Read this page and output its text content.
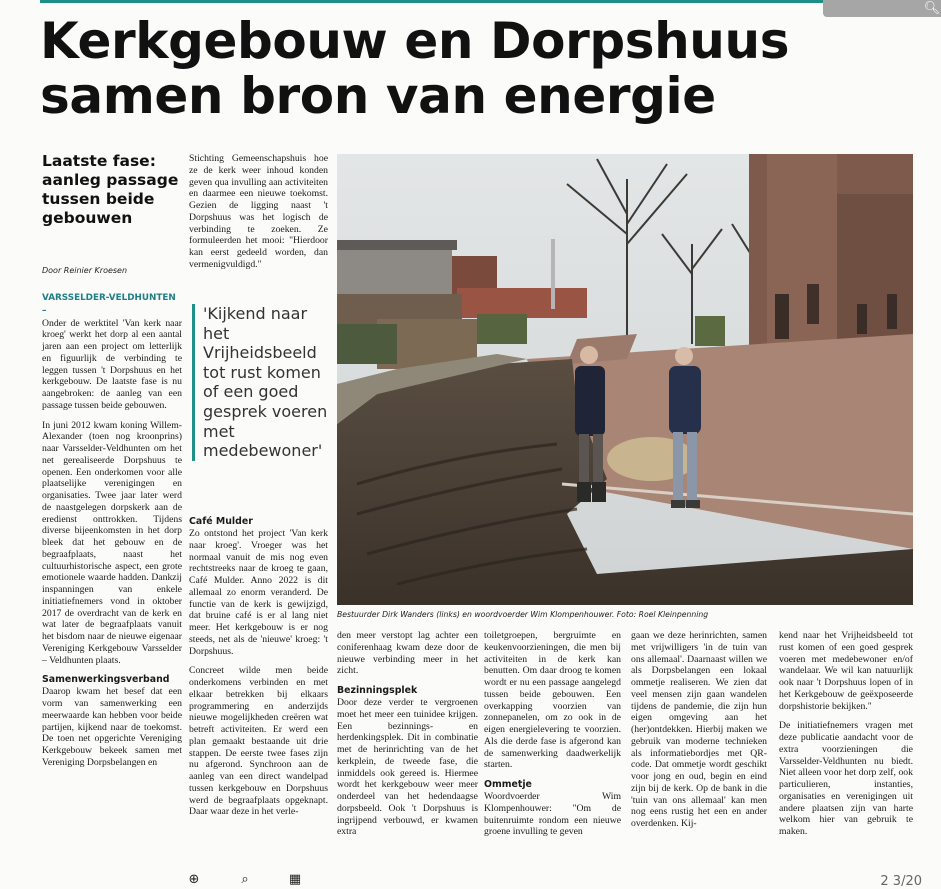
🔍︎
Kerkgebouw en Dorpshuus
samen bron van energie
Laatste fase: aanleg passage tussen beide gebouwen
Door Reinier Kroesen

VARSSELDER-VELDHUNTEN –
Onder de werktitel 'Van kerk naar kroeg' werkt het dorp al een aantal jaren aan een project om letterlijk en figuurlijk de verbinding te leggen tussen 't Dorpshuus en het kerkgebouw. De laatste fase is nu aangebroken: de aanleg van een passage tussen beide gebouwen.

In juni 2012 kwam koning Willem-Alexander (toen nog kroonprins) naar Varsselder-Veldhunten om het net gerealiseerde Dorpshuus te openen. Een onderkomen voor alle plaatselijke verenigingen en organisaties. Twee jaar later werd de naastgelegen dorpskerk aan de eredienst onttrokken. Tijdens diverse bijeenkomsten in het dorp bleek dat het gebouw en de begraafplaats, naast het cultuurhistorische aspect, een grote emotionele waarde hadden. Dankzij inspanningen van enkele initiatiefnemers vond in oktober 2017 de overdracht van de kerk en wat later de begraafplaats vanuit het bisdom naar de nieuwe eigenaar Vereniging Kerkgebouw Varsselder – Veldhunten plaats.

Samenwerkingsverband

Daarop kwam het besef dat een vorm van samenwerking een meerwaarde kan hebben voor beide partijen, kijkend naar de toekomst. De toen net opgerichte Vereniging Kerkgebouw bekeek samen met Vereniging Dorpsbelangen en

Stichting Gemeenschapshuis hoe ze de kerk weer inhoud konden geven qua invulling aan activiteiten en daarmee een nieuwe toekomst. Gezien de ligging naast 't Dorpshuus was het logisch de verbinding te zoeken. Ze formuleerden het mooi: "Hierdoor kan eerst gedeeld worden, dan vermenigvuldigd."

'Kijkend naar het Vrijheidsbeeld tot rust komen of een goed gesprek voeren met medebewoner'
Café Mulder

Zo ontstond het project 'Van kerk naar kroeg'. Vroeger was het normaal vanuit de mis nog even rechtstreeks naar de kroeg te gaan, Café Mulder. Anno 2022 is dit allemaal zo enorm veranderd. De functie van de kerk is gewijzigd, dat bruine café is er al lang niet meer. Het kerkgebouw is er nog steeds, net als de 'nieuwe' kroeg: 't Dorpshuus.

Concreet wilde men beide onderkomens verbinden en met elkaar betrekken bij elkaars programmering en anderzijds nieuwe mogelijkheden creëren wat betreft activiteiten. Er werd een plan gemaakt bestaande uit drie stappen. De eerste twee fases zijn nu afgerond. Synchroon aan de aanleg van een direct wandelpad tussen kerkgebouw en Dorpshuus werd de begraafplaats opgeknapt. Daar waar deze in het verle-

Bestuurder Dirk Wanders (links) en woordvoerder Wim Klompenhouwer. Foto: Roel Kleinpenning

den meer verstopt lag achter een coniferenhaag kwam deze door de nieuwe verbinding meer in het zicht.

Bezinningsplek

Door deze verder te vergroenen moet het meer een tuinidee krijgen. Een bezinnings- en herdenkingsplek. Dit in combinatie met de herinrichting van de het kerkplein, de tweede fase, die inmiddels ook gereed is. Hiermee wordt het kerkgebouw weer meer onderdeel van het hedendaagse dorpsbeeld. Ook 't Dorpshuus is ingrijpend verbouwd, er kwamen extra

toiletgroepen, bergruimte en keukenvoorzieningen, die men bij activiteiten in de kerk kan benutten. Om daar droog te komen wordt er nu een passage aangelegd tussen beide gebouwen. Een overkapping voorzien van zonnepanelen, om zo ook in de eigen energielevering te voorzien. Als die derde fase is afgerond kan de samenwerking daadwerkelijk starten.

Ommetje

Woordvoerder Wim Klompenhouwer: "Om de buitenruimte rondom een nieuwe groene invulling te geven

gaan we deze herinrichten, samen met vrijwilligers 'in de tuin van ons allemaal'. Daarnaast willen we als Dorpsbelangen een lokaal ommetje realiseren. We zien dat veel mensen zijn gaan wandelen tijdens de pandemie, die zijn hun eigen omgeving aan het (her)ontdekken. Hierbij maken we gebruik van moderne technieken als informatiebordjes met QR-code. Dat ommetje wordt geschikt voor jong en oud, begin en eind zijn bij de kerk. Op de bank in die 'tuin van ons allemaal' kan men nog eens rustig het een en ander overdenken. Kij-

kend naar het Vrijheidsbeeld tot rust komen of een goed gesprek voeren met medebewoner en/of wandelaar. We wil kan natuurlijk ook naar 't Dorpshuus lopen of in het Kerkgebouw de geëxposeerde dorpshistorie bekijken."

De initiatiefnemers vragen met deze publicatie aandacht voor de extra voorzieningen die Varsselder-Veldhunten nu biedt. Niet alleen voor het dorp zelf, ook particulieren, instanties, organisaties en verenigingen uit andere plaatsen zijn van harte welkom hier van gebruik te maken.

⊕	⌕	▦	2 3/20
